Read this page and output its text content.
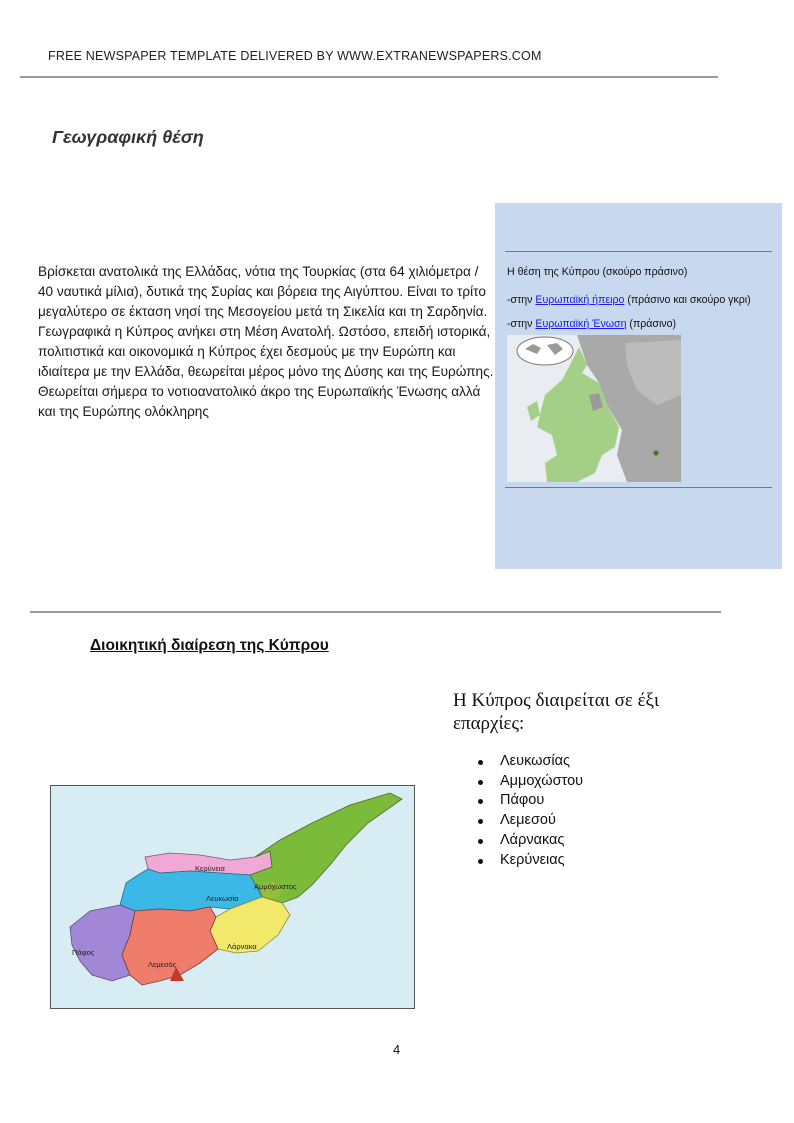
FREE NEWSPAPER TEMPLATE DELIVERED BY WWW.EXTRANEWSPAPERS.COM
Γεωγραφική θέση
Βρίσκεται ανατολικά της Ελλάδας, νότια της Τουρκίας (στα 64 χιλιόμετρα / 40 ναυτικά μίλια), δυτικά της Συρίας και βόρεια της Αιγύπτου. Είναι το τρίτο μεγαλύτερο σε έκταση νησί της Μεσογείου μετά τη Σικελία και τη Σαρδηνία. Γεωγραφικά η Κύπρος ανήκει στη Μέση Ανατολή. Ωστόσο, επειδή ιστορικά, πολιτιστικά και οικονομικά η Κύπρος έχει δεσμούς με την Ευρώπη και ιδιαίτερα με την Ελλάδα, θεωρείται μέρος μόνο της Δύσης και της Ευρώπης. Θεωρείται σήμερα το νοτιοανατολικό άκρο της Ευρωπαϊκής Ένωσης αλλά και της Ευρώπης ολόκληρης
Η θέση της Κύπρου (σκούρο πράσινο)
-στην Ευρωπαϊκή ήπειρο (πράσινο και σκούρο γκρι)
-στην Ευρωπαϊκή Ένωση (πράσινο)
Διοικητική διαίρεση της Κύπρου
Η Κύπρος διαιρείται σε έξι επαρχίες:
Λευκωσίας
Αμμοχώστου
Πάφου
Λεμεσού
Λάρνακας
Κερύνειας
Κερύνεια
Αμμόχωστος
Λευκωσία
Λάρνακα
Πάφος
Λεμεσός
4
